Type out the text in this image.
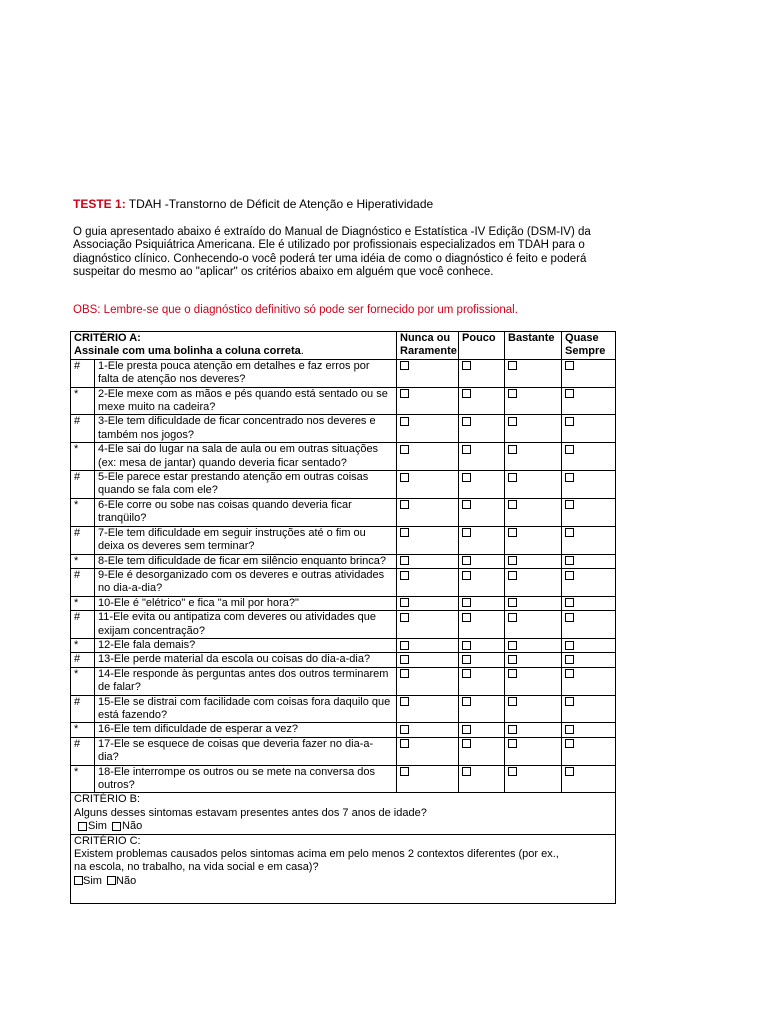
TESTE 1: TDAH -Transtorno de Déficit de Atenção e Hiperatividade
O guia apresentado abaixo é extraído do Manual de Diagnóstico e Estatística -IV Edição (DSM-IV) da Associação Psiquiátrica Americana. Ele é utilizado por profissionais especializados em TDAH para o diagnóstico clínico. Conhecendo-o você poderá ter uma idéia de como o diagnóstico é feito e poderá suspeitar do mesmo ao "aplicar" os critérios abaixo em alguém que você conhece.
OBS: Lembre-se que o diagnóstico definitivo só pode ser fornecido por um profissional.
CRITÉRIO A:
Assinale com uma bolinha a coluna correta.		Nunca ou Raramente	Pouco	Bastante	Quase Sempre
#	1-Ele presta pouca atenção em detalhes e faz erros por falta de atenção nos deveres?				
*	2-Ele mexe com as mãos e pés quando está sentado ou se mexe muito na cadeira?				
#	3-Ele tem dificuldade de ficar concentrado nos deveres e também nos jogos?				
*	4-Ele sai do lugar na sala de aula ou em outras situações (ex: mesa de jantar) quando deveria ficar sentado?				
#	5-Ele parece estar prestando atenção em outras coisas quando se fala com ele?				
*	6-Ele corre ou sobe nas coisas quando deveria ficar tranqüilo?				
#	7-Ele tem dificuldade em seguir instruções até o fim ou deixa os deveres sem terminar?				
*	8-Ele tem dificuldade de ficar em silêncio enquanto brinca?				
#	9-Ele é desorganizado com os deveres e outras atividades no dia-a-dia?				
*	10-Ele é "elétrico" e fica "a mil por hora?"				
#	11-Ele evita ou antipatiza com deveres ou atividades que exijam concentração?				
*	12-Ele fala demais?				
#	13-Ele perde material da escola ou coisas do dia-a-dia?				
*	14-Ele responde às perguntas antes dos outros terminarem de falar?				
#	15-Ele se distrai com facilidade com coisas fora daquilo que está fazendo?				
*	16-Ele tem dificuldade de esperar a vez?				
#	17-Ele se esquece de coisas que deveria fazer no dia-a-dia?				
*	18-Ele interrompe os outros ou se mete na conversa dos outros?				

CRITÉRIO B:
Alguns desses sintomas estavam presentes antes dos 7 anos de idade?
Sim Não					

CRITÉRIO C:
Existem problemas causados pelos sintomas acima em pelo menos 2 contextos diferentes (por ex., na escola, no trabalho, na vida social e em casa)?
Sim Não					
